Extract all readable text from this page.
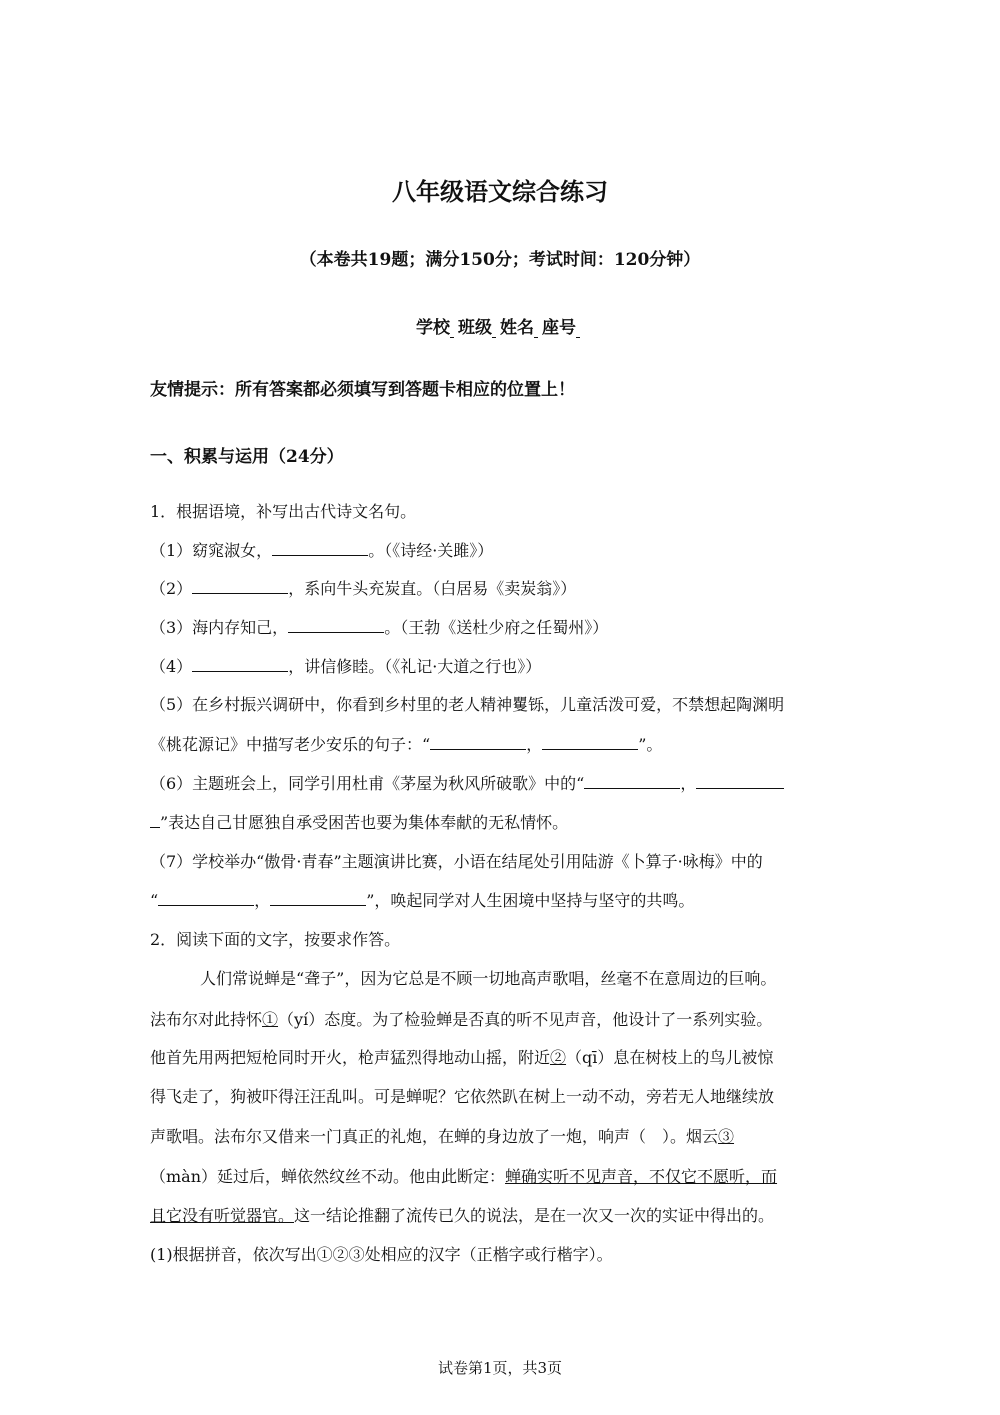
八年级语文综合练习
（本卷共19题；满分150分；考试时间：120分钟）
学校 班级 姓名 座号
友情提示：所有答案都必须填写到答题卡相应的位置上！
一、积累与运用（24分）
1．根据语境，补写出古代诗文名句。
（1）窈窕淑女，	。（《诗经·关雎》）
（2）	，系向牛头充炭直。（白居易《卖炭翁》）
（3）海内存知己，	。（王勃《送杜少府之任蜀州》）
（4）	，讲信修睦。（《礼记·大道之行也》）
（5）在乡村振兴调研中，你看到乡村里的老人精神矍铄，儿童活泼可爱，不禁想起陶渊明
《桃花源记》中描写老少安乐的句子：“	，	”。
（6）主题班会上，同学引用杜甫《茅屋为秋风所破歌》中的“	，
”表达自己甘愿独自承受困苦也要为集体奉献的无私情怀。
（7）学校举办“傲骨·青春”主题演讲比赛，小语在结尾处引用陆游《卜算子·咏梅》中的
“	，	”，唤起同学对人生困境中坚持与坚守的共鸣。
2．阅读下面的文字，按要求作答。
人们常说蝉是“聋子”，因为它总是不顾一切地高声歌唱，丝毫不在意周边的巨响。
法布尔对此持怀①（yí）态度。为了检验蝉是否真的听不见声音，他设计了一系列实验。
他首先用两把短枪同时开火，枪声猛烈得地动山摇，附近②（qī）息在树枝上的鸟儿被惊
得飞走了，狗被吓得汪汪乱叫。可是蝉呢？它依然趴在树上一动不动，旁若无人地继续放
声歌唱。法布尔又借来一门真正的礼炮，在蝉的身边放了一炮，响声（　）。烟云③
（màn）延过后，蝉依然纹丝不动。他由此断定：蝉确实听不见声音，不仅它不愿听，而
且它没有听觉器官。这一结论推翻了流传已久的说法，是在一次又一次的实证中得出的。
(1)根据拼音，依次写出①②③处相应的汉字（正楷字或行楷字）。
试卷第1页，共3页
